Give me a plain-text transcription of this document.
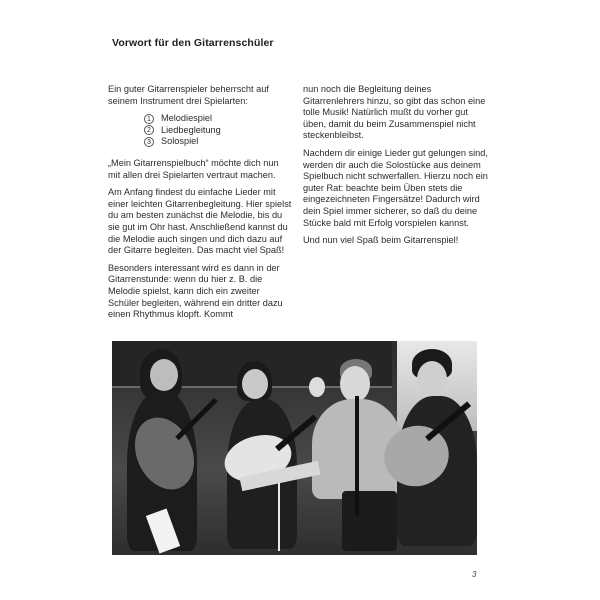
Vorwort für den Gitarrenschüler

Ein guter Gitarrenspieler beherrscht auf seinem Instrument drei Spielarten:

1 Melodiespiel
2 Liedbegleitung
3 Solospiel

„Mein Gitarrenspielbuch“ möchte dich nun mit allen drei Spielarten vertraut machen.

Am Anfang findest du einfache Lieder mit einer leichten Gitarrenbegleitung. Hier spielst du am besten zunächst die Melodie, bis du sie gut im Ohr hast. Anschließend kannst du die Melodie auch singen und dich dazu auf der Gitarre begleiten. Das macht viel Spaß!

Besonders interessant wird es dann in der Gitarrenstunde: wenn du hier z. B. die Melodie spielst, kann dich ein zweiter Schüler begleiten, während ein dritter dazu einen Rhythmus klopft. Kommt

nun noch die Begleitung deines Gitarrenlehrers hinzu, so gibt das schon eine tolle Musik! Natürlich mußt du vorher gut üben, damit du beim Zusammenspiel nicht steckenbleibst.

Nachdem dir einige Lieder gut gelungen sind, werden dir auch die Solostücke aus deinem Spielbuch nicht schwerfallen. Hierzu noch ein guter Rat: beachte beim Üben stets die eingezeichneten Fingersätze! Dadurch wird dein Spiel immer sicherer, so daß du deine Stücke bald mit Erfolg vorspielen kannst.

Und nun viel Spaß beim Gitarrenspiel!

3
